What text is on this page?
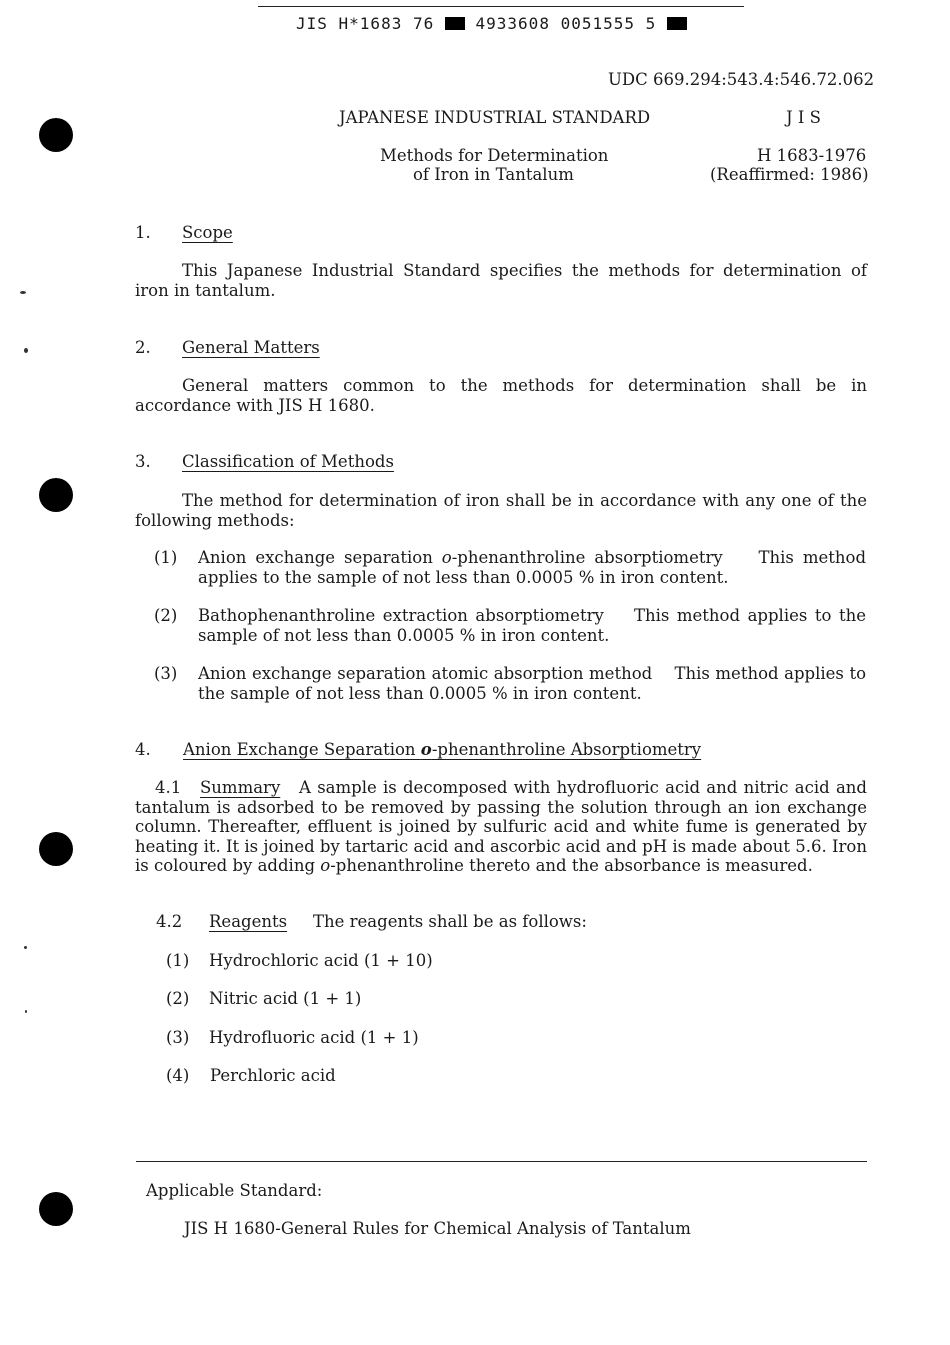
JIS H*1683 76	4933608 0051555 5
UDC 669.294:543.4:546.72.062
JAPANESE INDUSTRIAL STANDARD	J I S
Methods for Determination
of Iron in Tantalum
H 1683-1976
(Reaffirmed: 1986)
1. Scope
This Japanese Industrial Standard specifies the methods for determination of iron in tantalum.
2. General Matters
General matters common to the methods for determination shall be in accordance with JIS H 1680.
3. Classification of Methods
The method for determination of iron shall be in accordance with any one of the following methods:
(1) Anion exchange separation o-phenanthroline absorptiometry This method applies to the sample of not less than 0.0005 % in iron content.
(2) Bathophenanthroline extraction absorptiometry This method applies to the sample of not less than 0.0005 % in iron content.
(3) Anion exchange separation atomic absorption method This method applies to the sample of not less than 0.0005 % in iron content.
4. Anion Exchange Separation o-phenanthroline Absorptiometry
4.1 Summary A sample is decomposed with hydrofluoric acid and nitric acid and tantalum is adsorbed to be removed by passing the solution through an ion exchange column. Thereafter, effluent is joined by sulfuric acid and white fume is generated by heating it. It is joined by tartaric acid and ascorbic acid and pH is made about 5.6. Iron is coloured by adding o-phenanthroline thereto and the absorbance is measured.
4.2 Reagents The reagents shall be as follows:
(1) Hydrochloric acid (1 + 10)
(2) Nitric acid (1 + 1)
(3) Hydrofluoric acid (1 + 1)
(4) Perchloric acid
Applicable Standard:
JIS H 1680-General Rules for Chemical Analysis of Tantalum
